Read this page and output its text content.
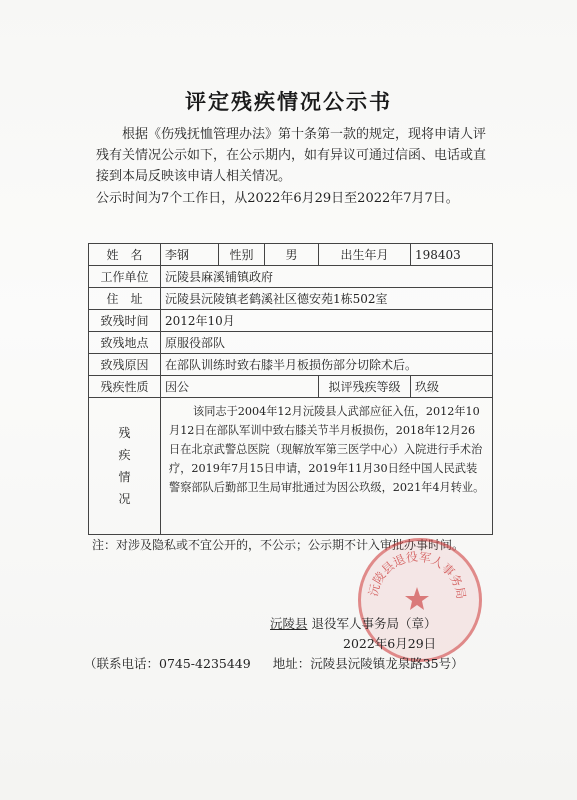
评定残疾情况公示书
根据《伤残抚恤管理办法》第十条第一款的规定，现将申请人评残有关情况公示如下，在公示期内，如有异议可通过信函、电话或直接到本局反映该申请人相关情况。
公示时间为7个工作日，从2022年6月29日至2022年7月7日。
姓　名	李钢	性别	男	出生年月	198403
工作单位	沅陵县麻溪铺镇政府				
住　址	沅陵县沅陵镇老鹤溪社区德安苑1栋502室				
致残时间	2012年10月				
致残地点	原服役部队				
致残原因	在部队训练时致右膝半月板损伤部分切除术后。				
残疾性质	因公			拟评残疾等级	玖级

残
疾
情
况	该同志于2004年12月沅陵县人武部应征入伍，2012年10月12日在部队军训中致右膝关节半月板损伤，2018年12月26日在北京武警总医院（现解放军第三医学中心）入院进行手术治疗，2019年7月15日申请，2019年11月30日经中国人民武装警察部队后勤部卫生局审批通过为因公玖级，2021年4月转业。				
注：对涉及隐私或不宜公开的，不公示；公示期不计入审批办事时间。
沅陵县退役军人事务局
沅陵县 退役军人事务局（章）
2022年6月29日
（联系电话：0745-4235449 地址：沅陵县沅陵镇龙泉路35号）
